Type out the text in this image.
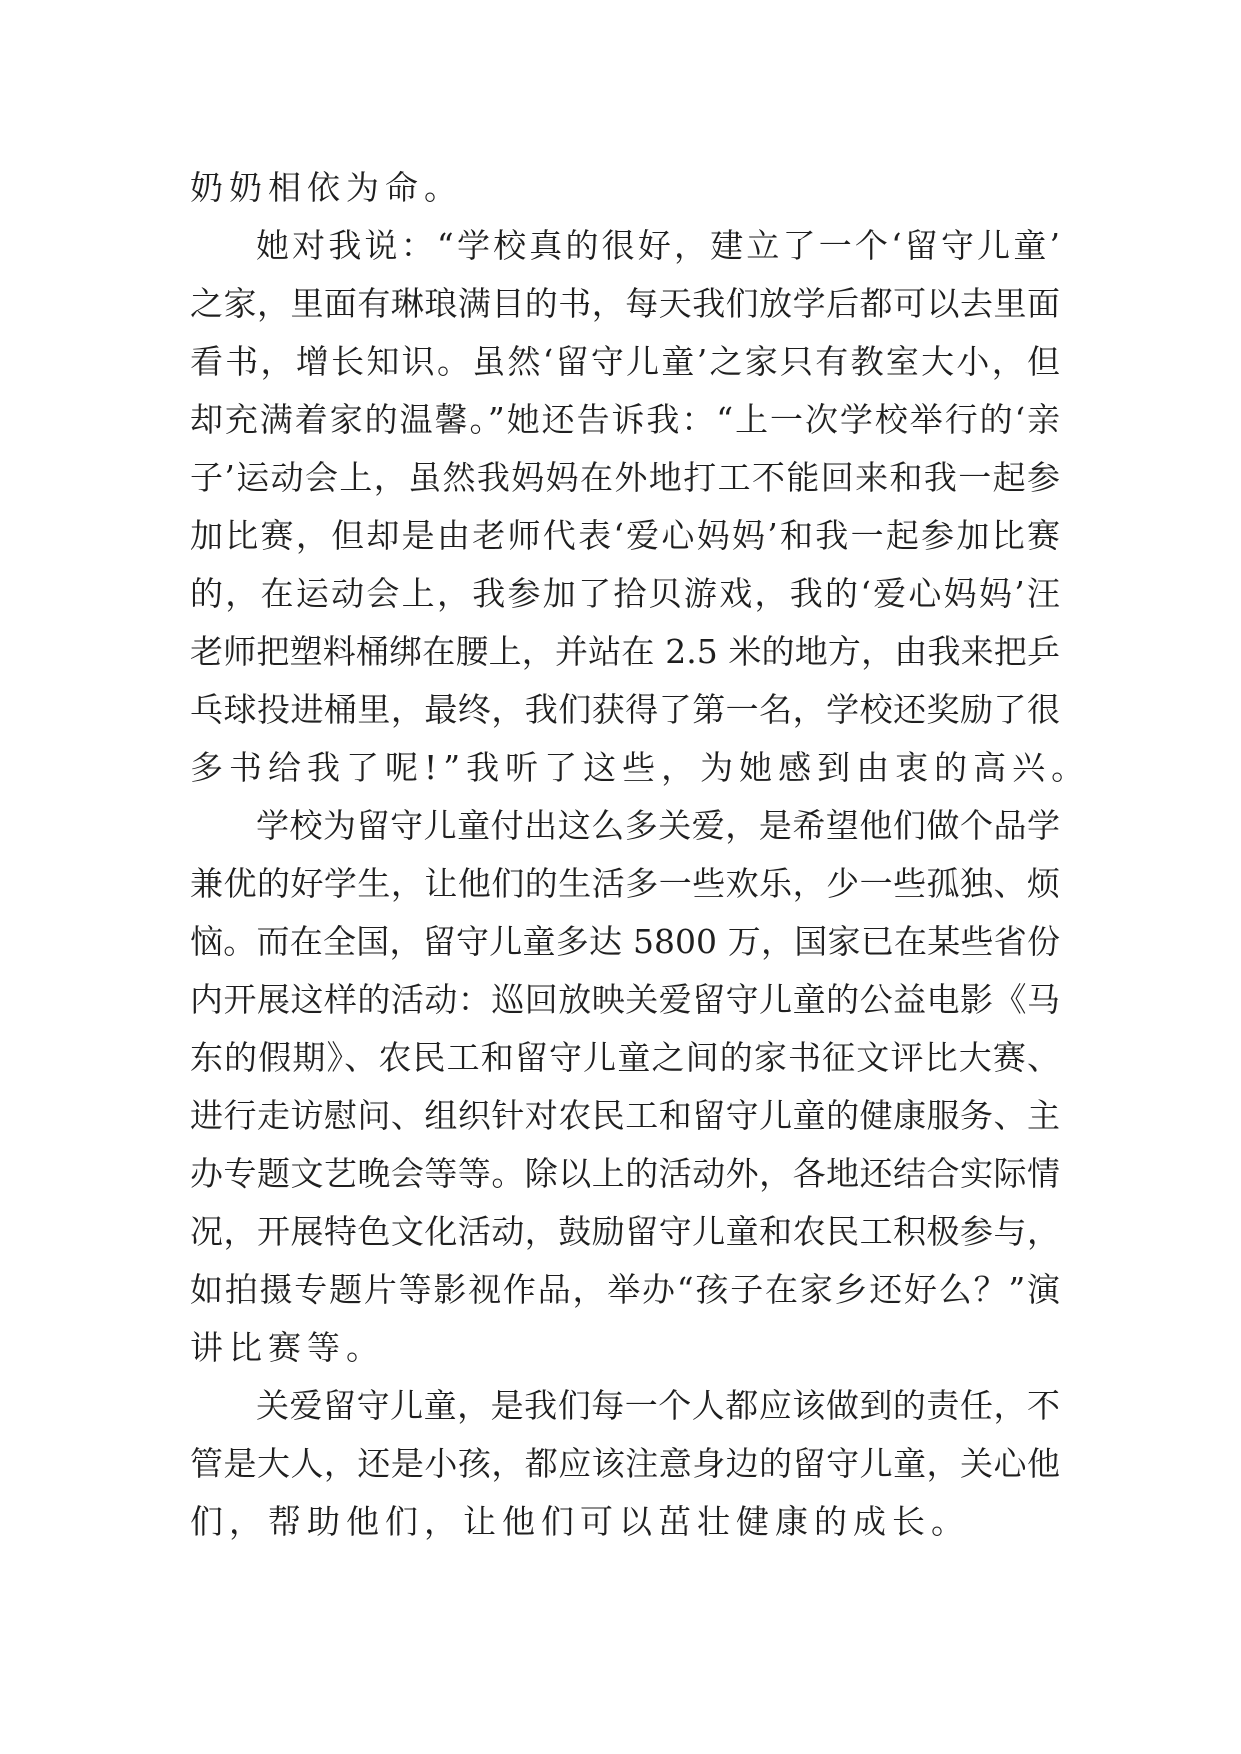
奶奶相依为命。
她对我说：“学校真的很好，建立了一个‘留守儿童’
之家，里面有琳琅满目的书，每天我们放学后都可以去里面
看书，增长知识。虽然‘留守儿童’之家只有教室大小，但
却充满着家的温馨。”她还告诉我：“上一次学校举行的‘亲
子’运动会上，虽然我妈妈在外地打工不能回来和我一起参
加比赛，但却是由老师代表‘爱心妈妈’和我一起参加比赛
的，在运动会上，我参加了拾贝游戏，我的‘爱心妈妈’汪
老师把塑料桶绑在腰上，并站在 2.5 米的地方，由我来把乒
乓球投进桶里，最终，我们获得了第一名，学校还奖励了很
多书给我了呢!”我听了这些，为她感到由衷的高兴。
学校为留守儿童付出这么多关爱，是希望他们做个品学
兼优的好学生，让他们的生活多一些欢乐，少一些孤独、烦
恼。而在全国，留守儿童多达 5800 万，国家已在某些省份
内开展这样的活动：巡回放映关爱留守儿童的公益电影《马
东的假期》、农民工和留守儿童之间的家书征文评比大赛、
进行走访慰问、组织针对农民工和留守儿童的健康服务、主
办专题文艺晚会等等。除以上的活动外，各地还结合实际情
况，开展特色文化活动，鼓励留守儿童和农民工积极参与，
如拍摄专题片等影视作品，举办“孩子在家乡还好么？”演
讲比赛等。
关爱留守儿童，是我们每一个人都应该做到的责任，不
管是大人，还是小孩，都应该注意身边的留守儿童，关心他
们，帮助他们，让他们可以茁壮健康的成长。
